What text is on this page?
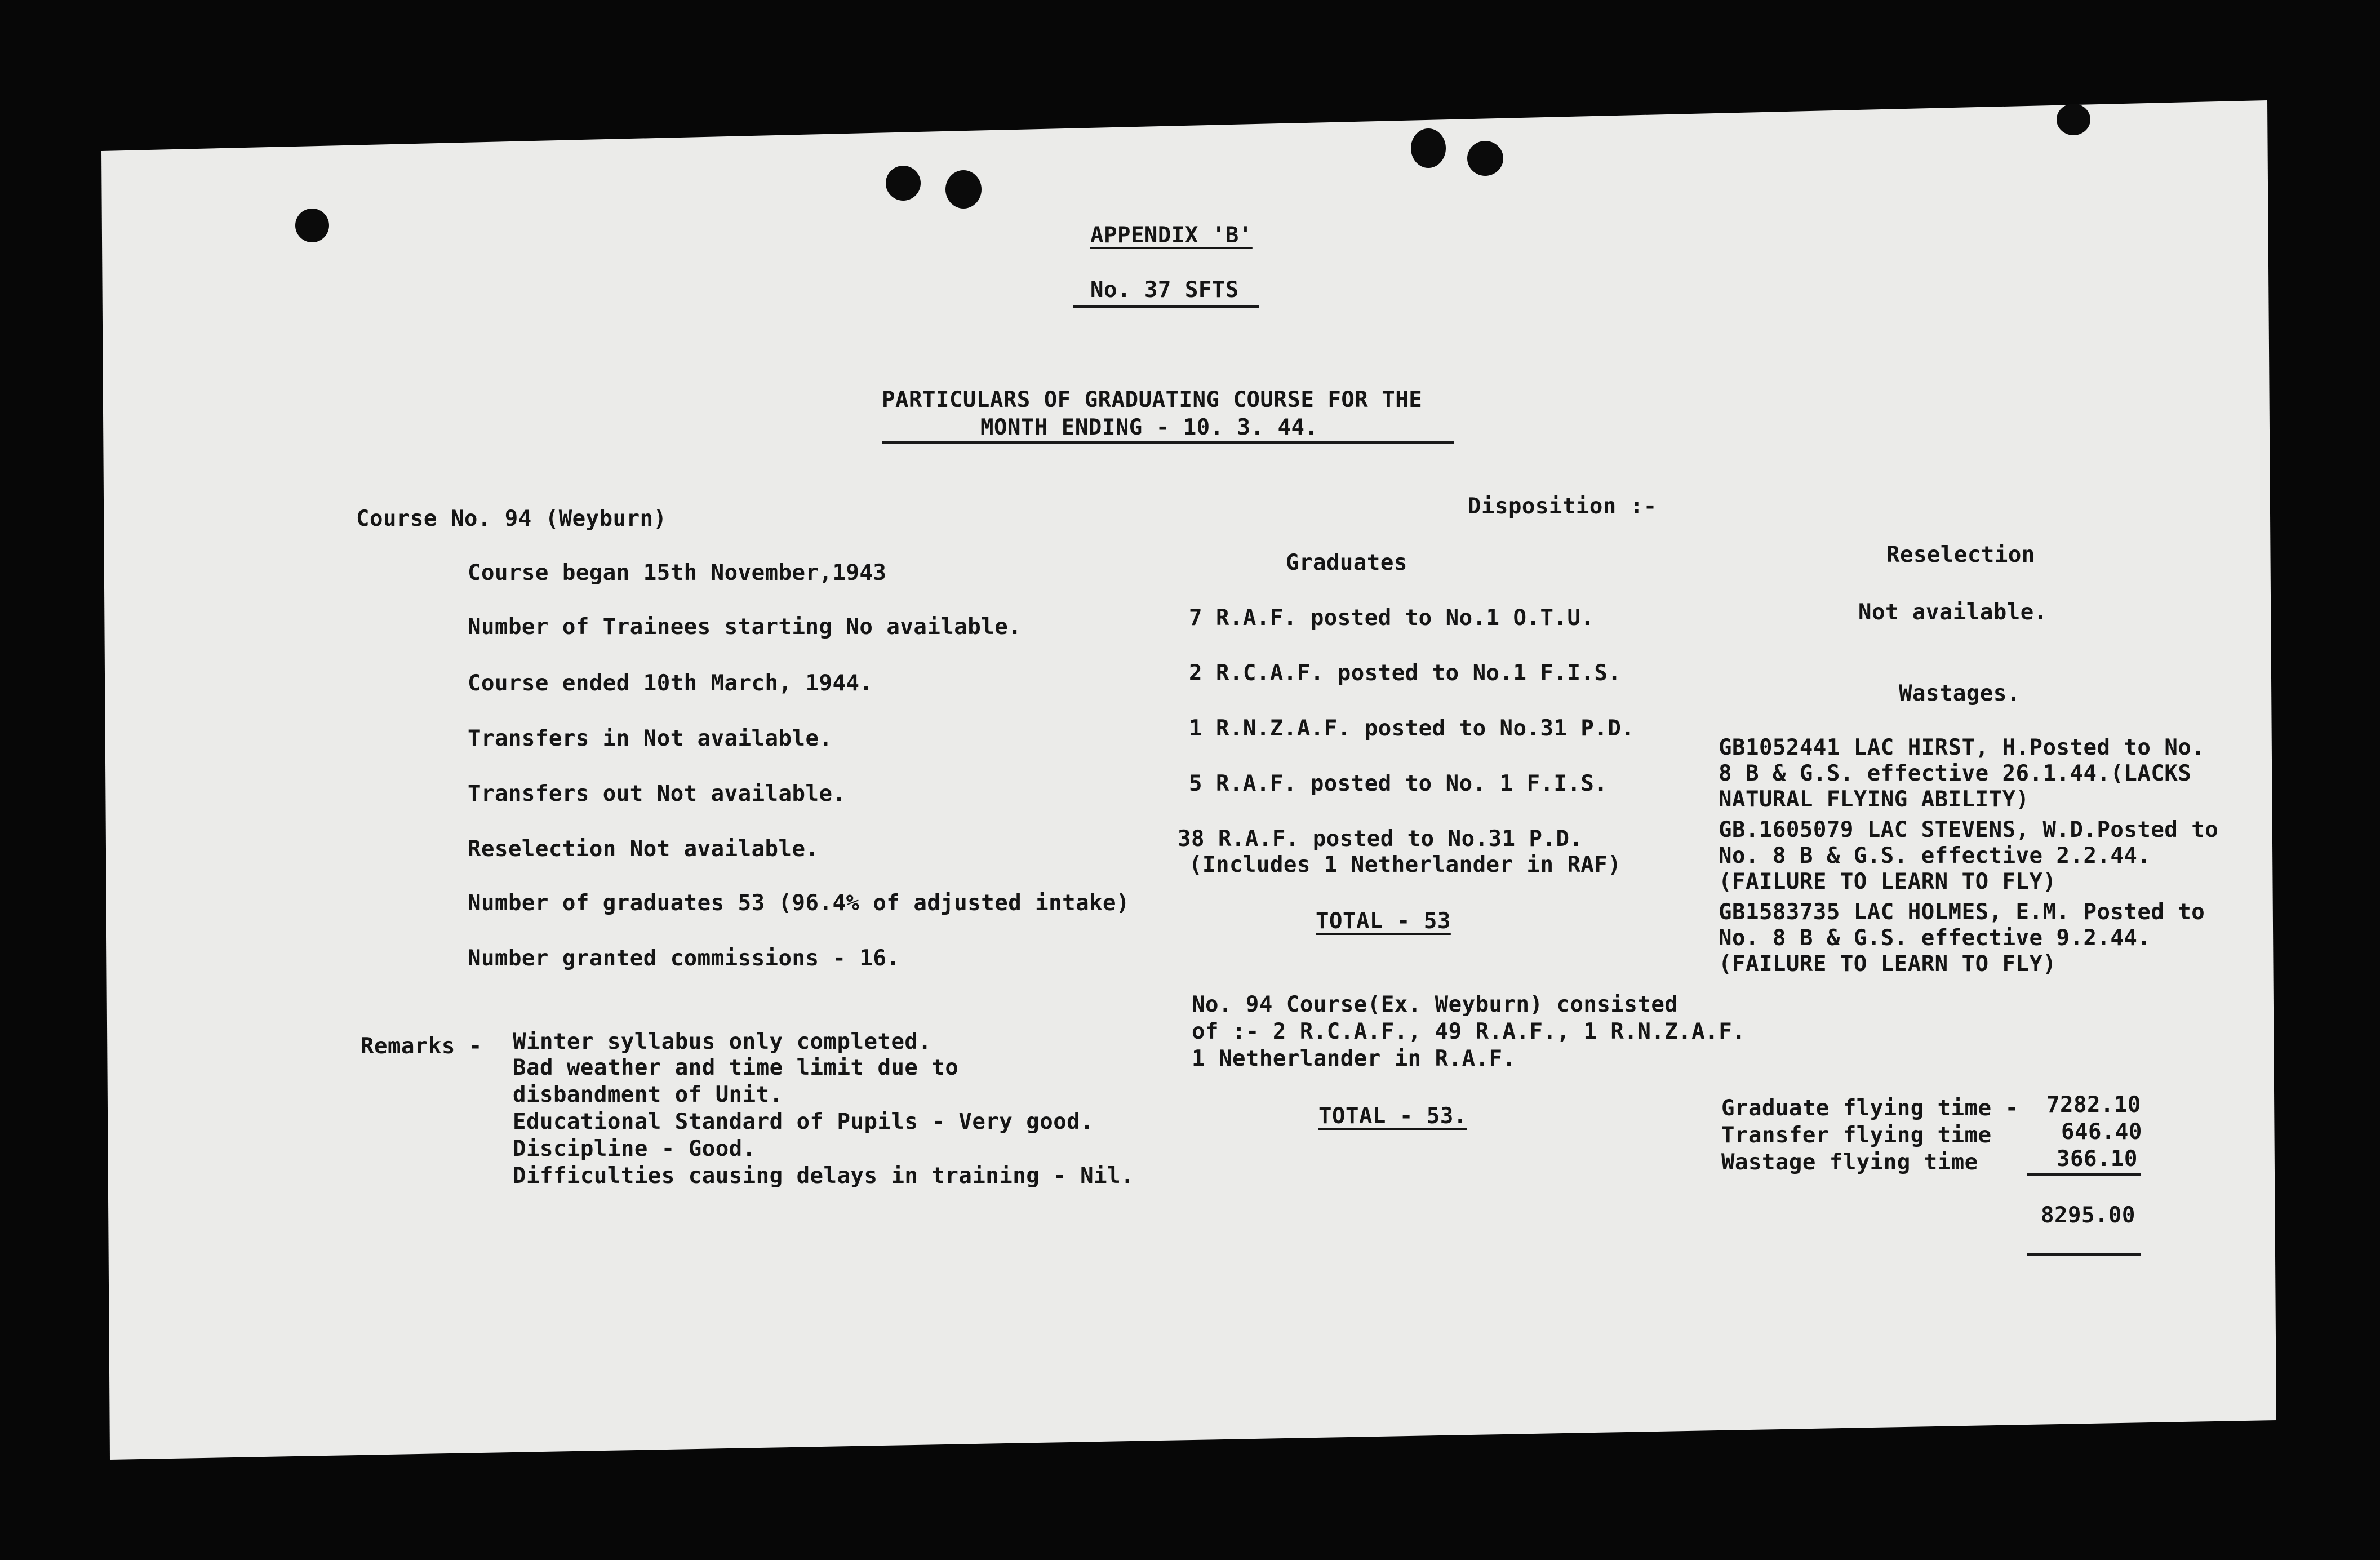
APPENDIX 'B'
No. 37 SFTS
PARTICULARS OF GRADUATING COURSE FOR THE
MONTH ENDING - 10. 3. 44.
Course No. 94 (Weyburn)
Course began 15th November,1943
Number of Trainees starting No available.
Course ended 10th March, 1944.
Transfers in Not available.
Transfers out Not available.
Reselection Not available.
Number of graduates 53 (96.4% of adjusted intake)
Number granted commissions - 16.
Remarks - Winter syllabus only completed.
Bad weather and time limit due to
disbandment of Unit.
Educational Standard of Pupils - Very good.
Discipline - Good.
Difficulties causing delays in training - Nil.
Disposition :-
Graduates
7 R.A.F. posted to No.1 O.T.U.
2 R.C.A.F. posted to No.1 F.I.S.
1 R.N.Z.A.F. posted to No.31 P.D.
5 R.A.F. posted to No. 1 F.I.S.
38 R.A.F. posted to No.31 P.D.
(Includes 1 Netherlander in RAF)
TOTAL - 53
No. 94 Course(Ex. Weyburn) consisted
of :- 2 R.C.A.F., 49 R.A.F., 1 R.N.Z.A.F.
1 Netherlander in R.A.F.
TOTAL - 53.
Reselection
Not available.
Wastages.
GB1052441 LAC HIRST, H.Posted to No.
8 B & G.S. effective 26.1.44.(LACKS
NATURAL FLYING ABILITY)
GB.1605079 LAC STEVENS, W.D.Posted to
No. 8 B & G.S. effective 2.2.44.
(FAILURE TO LEARN TO FLY)
GB1583735 LAC HOLMES, E.M. Posted to
No. 8 B & G.S. effective 9.2.44.
(FAILURE TO LEARN TO FLY)
Graduate flying time - 7282.10
Transfer flying time	646.40
Wastage flying time	366.10
8295.00
